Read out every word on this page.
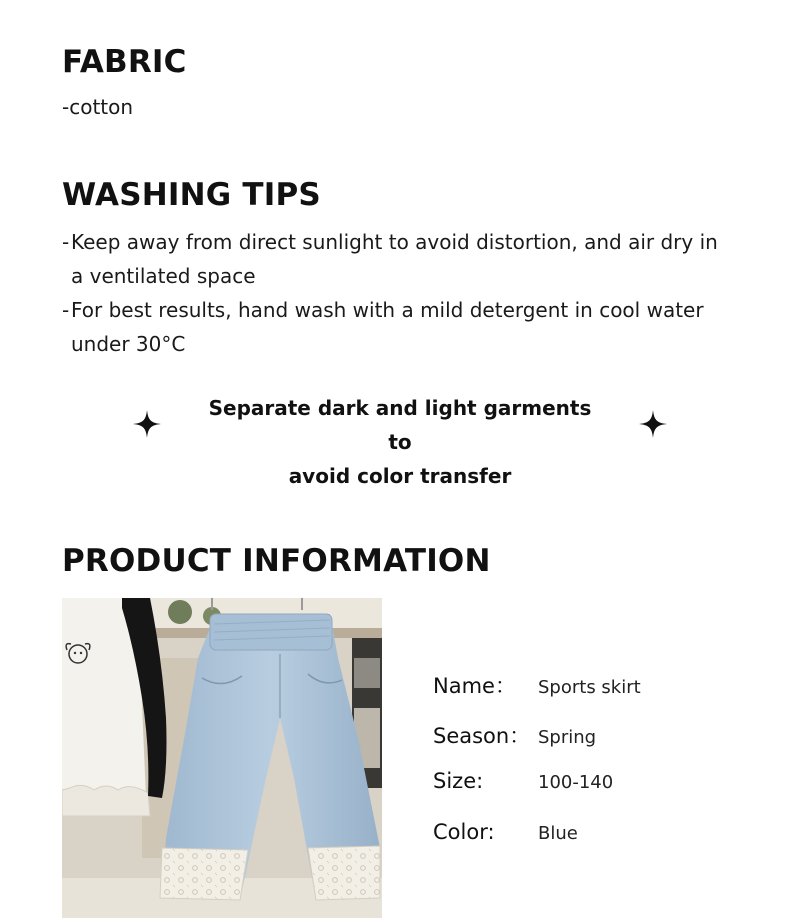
FABRIC

-cotton

WASHING TIPS
- Keep away from direct sunlight to avoid distortion, and air dry in a ventilated space
- For best results, hand wash with a mild detergent in cool water under 30°C
Separate dark and light garments to
avoid color transfer
PRODUCT INFORMATION
Name：	Sports skirt
Season： Spring
Size:	100-140
Color:	Blue
